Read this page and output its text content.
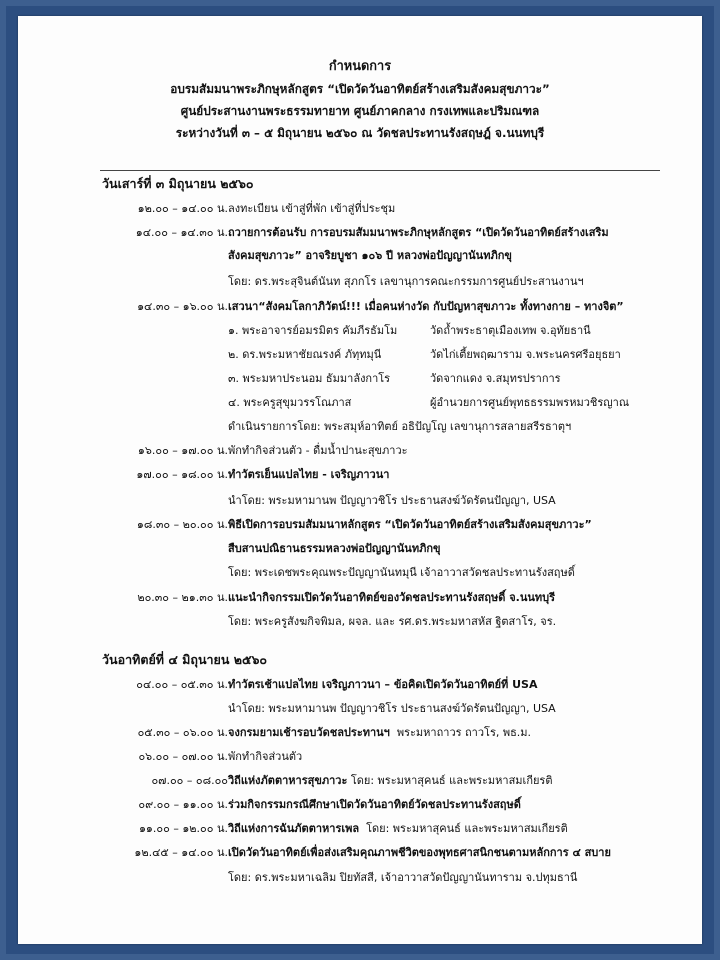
กำหนดการ
อบรมสัมมนาพระภิกษุหลักสูตร “เปิดวัดวันอาทิตย์สร้างเสริมสังคมสุขภาวะ”
ศูนย์ประสานงานพระธรรมทายาท ศูนย์ภาคกลาง กรงเทพและปริมณฑล
ระหว่างวันที่ ๓ – ๕ มิถุนายน ๒๕๖๐ ณ วัดชลประทานรังสฤษฎ์ จ.นนทบุรี
วันเสาร์ที่ ๓ มิถุนายน ๒๕๖๐
๑๒.๐๐ – ๑๔.๐๐ น. ลงทะเบียน เข้าสู่ที่พัก เข้าสู่ที่ประชุม
๑๔.๐๐ – ๑๔.๓๐ น. ถวายการต้อนรับ การอบรมสัมมนาพระภิกษุหลักสูตร “เปิดวัดวันอาทิตย์สร้างเสริม
สังคมสุขภาวะ” อาจริยบูชา ๑๐๖ ปี หลวงพ่อปัญญานันทภิกขุ
โดย: ดร.พระสุจินต์นันท สุภกโร เลขานุการคณะกรรมการศูนย์ประสานงานฯ
๑๔.๓๐ – ๑๖.๐๐ น. เสวนา“สังคมโลกาภิวัตน์!!! เมื่อคนห่างวัด กับปัญหาสุขภาวะ ทั้งทางกาย – ทางจิต”
๑. พระอาจารย์อมรมิตร คัมภีรธัมโม	วัดถ้ำพระธาตุเมืองเทพ จ.อุทัยธานี
๒. ดร.พระมหาชัยณรงค์ ภัทฺทมุนี	วัดไก่เตี้ยพฤฒาราม จ.พระนครศรีอยุธยา
๓. พระมหาประนอม ธัมมาลังกาโร	วัดจากแดง จ.สมุทรปราการ
๔. พระครูสุขุมวรรโณภาส	ผู้อำนวยการศูนย์พุทธธรรมพรหมวชิรญาณ
ดำเนินรายการโดย: พระสมุห์อาทิตย์ อธิปัญโญ เลขานุการสลายสรีรธาตุฯ
๑๖.๐๐ – ๑๗.๐๐ น. พักทำกิจส่วนตัว - ดื่มน้ำปานะสุขภาวะ
๑๗.๐๐ – ๑๘.๐๐ น. ทำวัตรเย็นแปลไทย - เจริญภาวนา
นำโดย: พระมหามานพ ปัญญาวชิโร ประธานสงฆ์วัดรัตนปัญญา, USA
๑๘.๓๐ – ๒๐.๐๐ น. พิธีเปิดการอบรมสัมมนาหลักสูตร “เปิดวัดวันอาทิตย์สร้างเสริมสังคมสุขภาวะ”
สืบสานปณิธานธรรมหลวงพ่อปัญญานันทภิกขุ
โดย: พระเดชพระคุณพระปัญญานันทมุนี เจ้าอาวาสวัดชลประทานรังสฤษดิ์
๒๐.๓๐ – ๒๑.๓๐ น. แนะนำกิจกรรมเปิดวัดวันอาทิตย์ของวัดชลประทานรังสฤษดิ์ จ.นนทบุรี
โดย: พระครูสังฆกิจพิมล, ผจล. และ รศ.ดร.พระมหาสหัส ฐิตสาโร, จร.
วันอาทิตย์ที่ ๔ มิถุนายน ๒๕๖๐
๐๔.๐๐ – ๐๕.๓๐ น. ทำวัตรเช้าแปลไทย เจริญภาวนา – ข้อคิดเปิดวัดวันอาทิตย์ที่ USA
นำโดย: พระมหามานพ ปัญญาวชิโร ประธานสงฆ์วัดรัตนปัญญา, USA
๐๕.๓๐ – ๐๖.๐๐ น. จงกรมยามเช้ารอบวัดชลประทานฯ พระมหาถาวร ถาวโร, พธ.ม.
๐๖.๐๐ – ๐๗.๐๐ น. พักทำกิจส่วนตัว
๐๗.๐๐ – ๐๘.๐๐ วิถีแห่งภัตตาหารสุขภาวะ โดย: พระมหาสุคนธ์ และพระมหาสมเกียรติ
๐๙.๐๐ – ๑๑.๐๐ น. ร่วมกิจกรรมกรณีศึกษาเปิดวัดวันอาทิตย์วัดชลประทานรังสฤษดิ์
๑๑.๐๐ – ๑๒.๐๐ น. วิถีแห่งการฉันภัตตาหารเพล โดย: พระมหาสุคนธ์ และพระมหาสมเกียรติ
๑๒.๔๕ – ๑๔.๐๐ น. เปิดวัดวันอาทิตย์เพื่อส่งเสริมคุณภาพชีวิตของพุทธศาสนิกชนตามหลักการ ๔ สบาย
โดย: ดร.พระมหาเฉลิม ปิยทัสสี, เจ้าอาวาสวัดปัญญานันทาราม จ.ปทุมธานี
